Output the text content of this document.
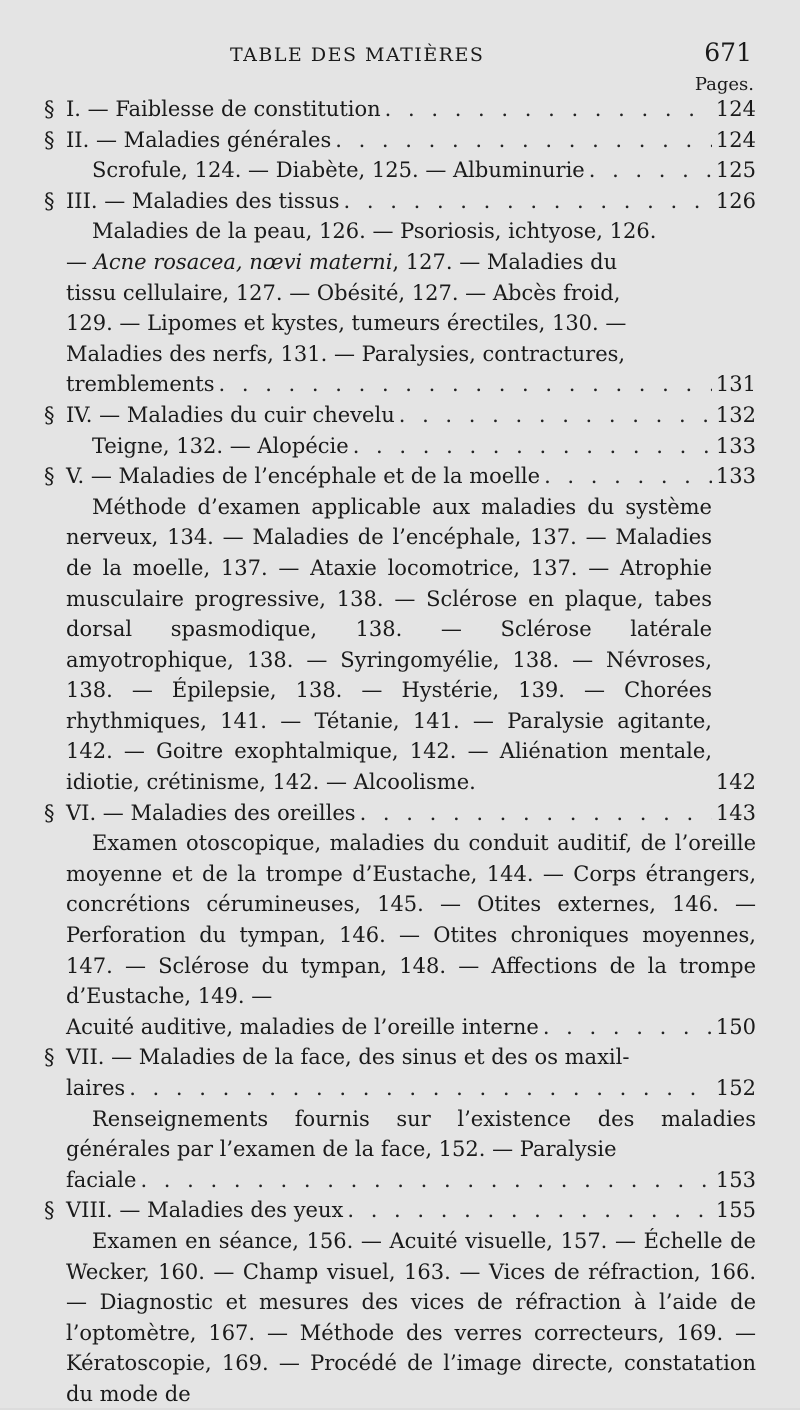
TABLE DES MATIÈRES	671
Pages.
§ I. — Faiblesse de constitution . . .	124
§ II. — Maladies générales . . .	124
Scrofule, 124. — Diabète, 125. — Albuminurie . . .	125
§ III. — Maladies des tissus . . .	126
Maladies de la peau, 126. — Psoriosis, ichtyose, 126.
— Acne rosacea, nœvi materni, 127. — Maladies du
tissu cellulaire, 127. — Obésité, 127. — Abcès froid,
129. — Lipomes et kystes, tumeurs érectiles, 130. —
Maladies des nerfs, 131. — Paralysies, contractures,
tremblements . . .	131
§ IV. — Maladies du cuir chevelu . . .	132
Teigne, 132. — Alopécie . . .	133
§ V. — Maladies de l’encéphale et de la moelle . . .	133
Méthode d’examen applicable aux maladies du système nerveux, 134. — Maladies de l’encéphale, 137. — Maladies de la moelle, 137. — Ataxie locomotrice, 137. — Atrophie musculaire progressive, 138. — Sclérose en plaque, tabes dorsal spasmodique, 138. — Sclérose latérale amyotrophique, 138. — Syringomyélie, 138. — Névroses, 138. — Épilepsie, 138. — Hystérie, 139. — Chorées rhythmiques, 141. — Tétanie, 141. — Paralysie agitante, 142. — Goitre exophtalmique, 142. — Aliénation mentale, idiotie, crétinisme, 142. — Alcoolisme.	142
§ VI. — Maladies des oreilles . . .	143
Examen otoscopique, maladies du conduit auditif, de l’oreille moyenne et de la trompe d’Eustache, 144. — Corps étrangers, concrétions cérumineuses, 145. — Otites externes, 146. — Perforation du tympan, 146. — Otites chroniques moyennes, 147. — Sclérose du tympan, 148. — Affections de la trompe d’Eustache, 149. —
Acuité auditive, maladies de l’oreille interne . . .	150
§ VII. — Maladies de la face, des sinus et des os maxil-
laires . . .	152
Renseignements fournis sur l’existence des maladies générales par l’examen de la face, 152. — Paralysie
faciale . . .	153
§ VIII. — Maladies des yeux . . .	155
Examen en séance, 156. — Acuité visuelle, 157. — Échelle de Wecker, 160. — Champ visuel, 163. — Vices de réfraction, 166. — Diagnostic et mesures des vices de réfraction à l’aide de l’optomètre, 167. — Méthode des verres correcteurs, 169. — Kératoscopie, 169. — Procédé de l’image directe, constatation du mode de
